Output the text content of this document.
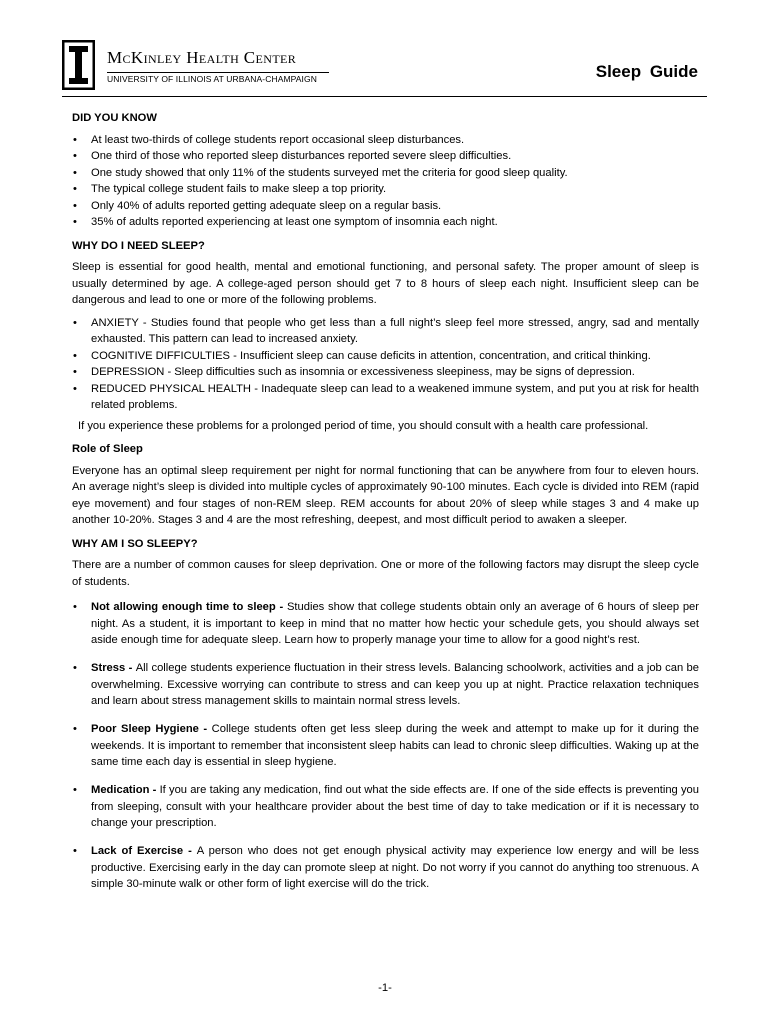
McKinley Health Center
UNIVERSITY OF ILLINOIS AT URBANA-CHAMPAIGN	Sleep Guide

DID YOU KNOW

• At least two-thirds of college students report occasional sleep disturbances.
• One third of those who reported sleep disturbances reported severe sleep difficulties.
• One study showed that only 11% of the students surveyed met the criteria for good sleep quality.
• The typical college student fails to make sleep a top priority.
• Only 40% of adults reported getting adequate sleep on a regular basis.
• 35% of adults reported experiencing at least one symptom of insomnia each night.

WHY DO I NEED SLEEP?

Sleep is essential for good health, mental and emotional functioning, and personal safety. The proper amount of sleep is usually determined by age. A college-aged person should get 7 to 8 hours of sleep each night. Insufficient sleep can be dangerous and lead to one or more of the following problems.

• ANXIETY - Studies found that people who get less than a full night’s sleep feel more stressed, angry, sad and mentally exhausted. This pattern can lead to increased anxiety.
• COGNITIVE DIFFICULTIES - Insufficient sleep can cause deficits in attention, concentration, and critical thinking.
• DEPRESSION - Sleep difficulties such as insomnia or excessiveness sleepiness, may be signs of depression.
• REDUCED PHYSICAL HEALTH - Inadequate sleep can lead to a weakened immune system, and put you at risk for health related problems.

If you experience these problems for a prolonged period of time, you should consult with a health care professional.

Role of Sleep

Everyone has an optimal sleep requirement per night for normal functioning that can be anywhere from four to eleven hours. An average night’s sleep is divided into multiple cycles of approximately 90-100 minutes. Each cycle is divided into REM (rapid eye movement) and four stages of non-REM sleep. REM accounts for about 20% of sleep while stages 3 and 4 make up another 10-20%. Stages 3 and 4 are the most refreshing, deepest, and most difficult period to awaken a sleeper.

WHY AM I SO SLEEPY?

There are a number of common causes for sleep deprivation. One or more of the following factors may disrupt the sleep cycle of students.

• Not allowing enough time to sleep - Studies show that college students obtain only an average of 6 hours of sleep per night. As a student, it is important to keep in mind that no matter how hectic your schedule gets, you should always set aside enough time for adequate sleep. Learn how to properly manage your time to allow for a good night’s rest.
• Stress - All college students experience fluctuation in their stress levels. Balancing schoolwork, activities and a job can be overwhelming. Excessive worrying can contribute to stress and can keep you up at night. Practice relaxation techniques and learn about stress management skills to maintain normal stress levels.
• Poor Sleep Hygiene - College students often get less sleep during the week and attempt to make up for it during the weekends. It is important to remember that inconsistent sleep habits can lead to chronic sleep difficulties. Waking up at the same time each day is essential in sleep hygiene.
• Medication - If you are taking any medication, find out what the side effects are. If one of the side effects is preventing you from sleeping, consult with your healthcare provider about the best time of day to take medication or if it is necessary to change your prescription.
• Lack of Exercise - A person who does not get enough physical activity may experience low energy and will be less productive. Exercising early in the day can promote sleep at night. Do not worry if you cannot do anything too strenuous. A simple 30-minute walk or other form of light exercise will do the trick.
-1-
